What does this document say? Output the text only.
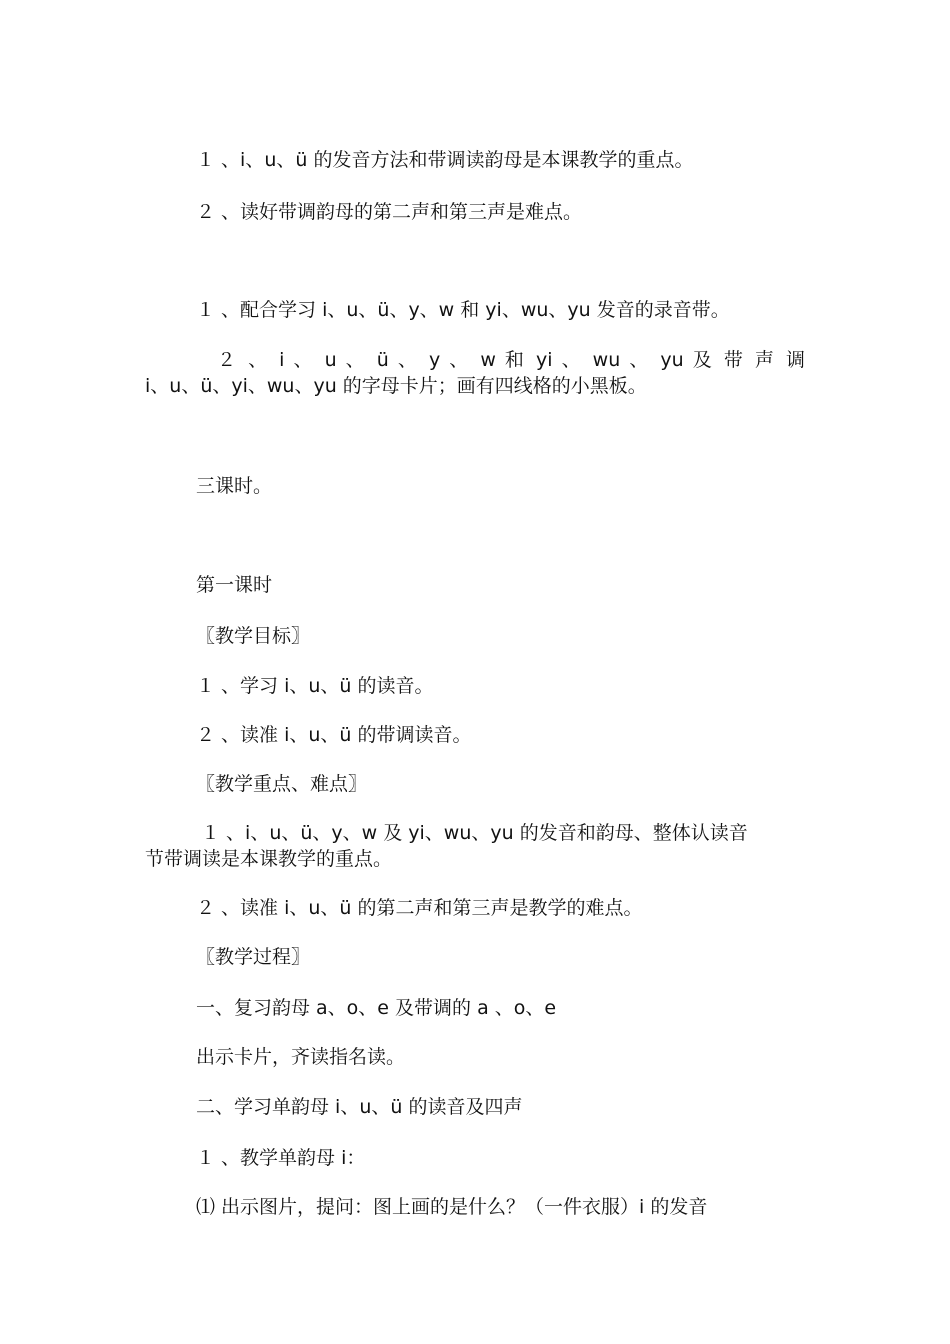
１ 、i、u、ü 的发音方法和带调读韵母是本课教学的重点。

２ 、读好带调韵母的第二声和第三声是难点。

１ 、配合学习 i、u、ü、y、w 和 yi、wu、yu 发音的录音带。

２ 、 i 、 u 、 ü 、 y 、 w 和 yi 、 wu 、 yu 及 带 声 调
i、u、ü、yi、wu、yu 的字母卡片；画有四线格的小黑板。

三课时。

第一课时

〖教学目标〗

１ 、学习 i、u、ü 的读音。

２ 、读准 i、u、ü 的带调读音。

〖教学重点、难点〗

１ 、i、u、ü、y、w 及 yi、wu、yu 的发音和韵母、整体认读音
节带调读是本课教学的重点。

２ 、读准 i、u、ü 的第二声和第三声是教学的难点。

〖教学过程〗

一、复习韵母 a、o、e 及带调的 a 、o、e

出示卡片，齐读指名读。

二、学习单韵母 i、u、ü 的读音及四声

１ 、教学单韵母 i：

⑴ 出示图片，提问：图上画的是什么？（一件衣服）i 的发音
